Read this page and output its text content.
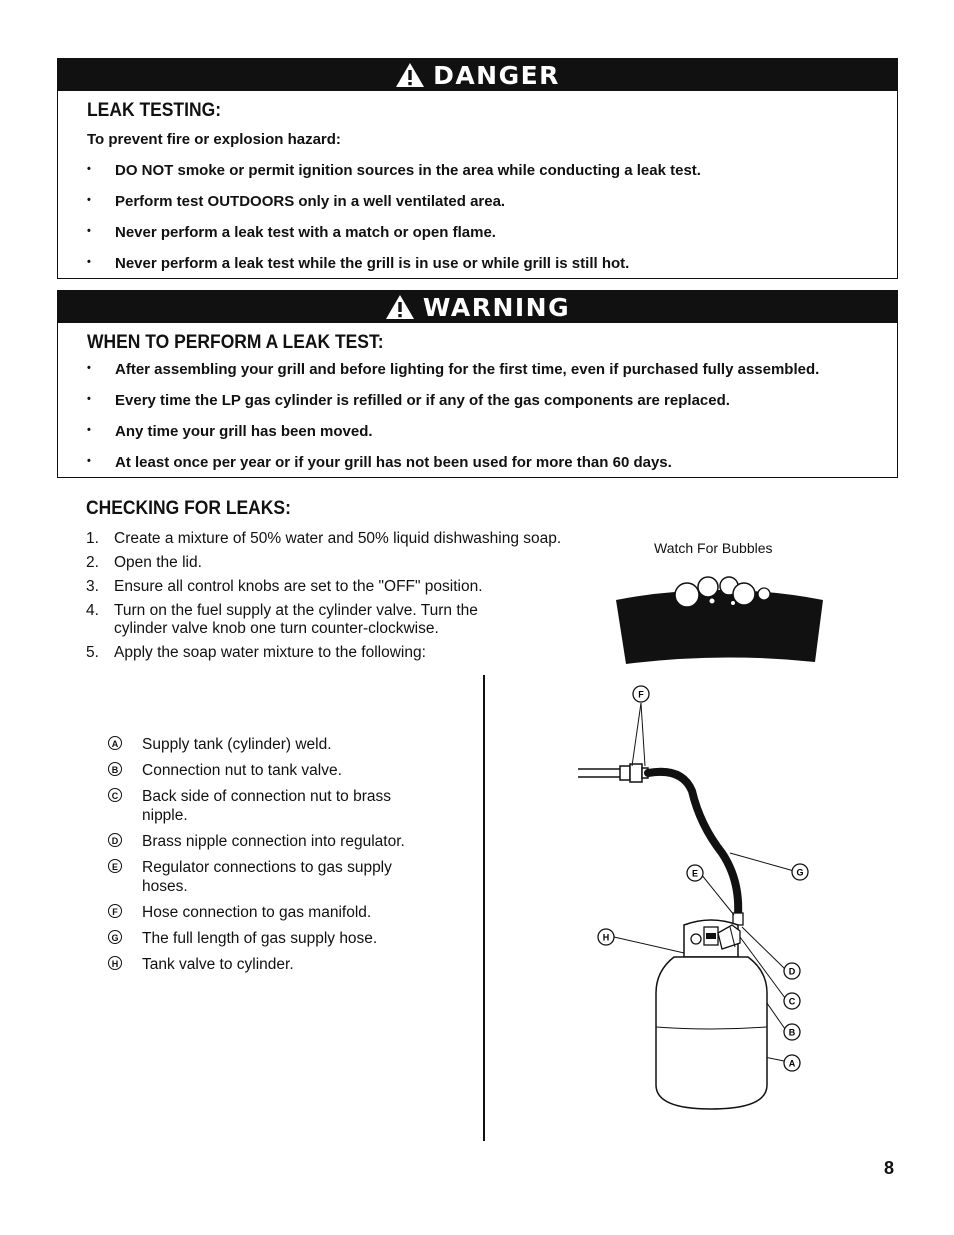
DANGER
LEAK TESTING:

To prevent fire or explosion hazard:

• DO NOT smoke or permit ignition sources in the area while conducting a leak test.
• Perform test OUTDOORS only in a well ventilated area.
• Never perform a leak test with a match or open flame.
• Never perform a leak test while the grill is in use or while grill is still hot.
WARNING
WHEN TO PERFORM A LEAK TEST:
• After assembling your grill and before lighting for the first time, even if purchased fully assembled.
• Every time the LP gas cylinder is refilled or if any of the gas components are replaced.
• Any time your grill has been moved.
• At least once per year or if your grill has not been used for more than 60 days.
CHECKING FOR LEAKS:
1. Create a mixture of 50% water and 50% liquid dishwashing soap.
2. Open the lid.
3. Ensure all control knobs are set to the "OFF" position.
4. Turn on the fuel supply at the cylinder valve. Turn the cylinder valve knob one turn counter-clockwise.
5. Apply the soap water mixture to the following:
Watch For Bubbles
A Supply tank (cylinder) weld.
B Connection nut to tank valve.
C Back side of connection nut to brass nipple.
D Brass nipple connection into regulator.
E Regulator connections to gas supply hoses.
F Hose connection to gas manifold.
G The full length of gas supply hose.
H Tank valve to cylinder.
F
G
E
H
D
C
B
A
8
